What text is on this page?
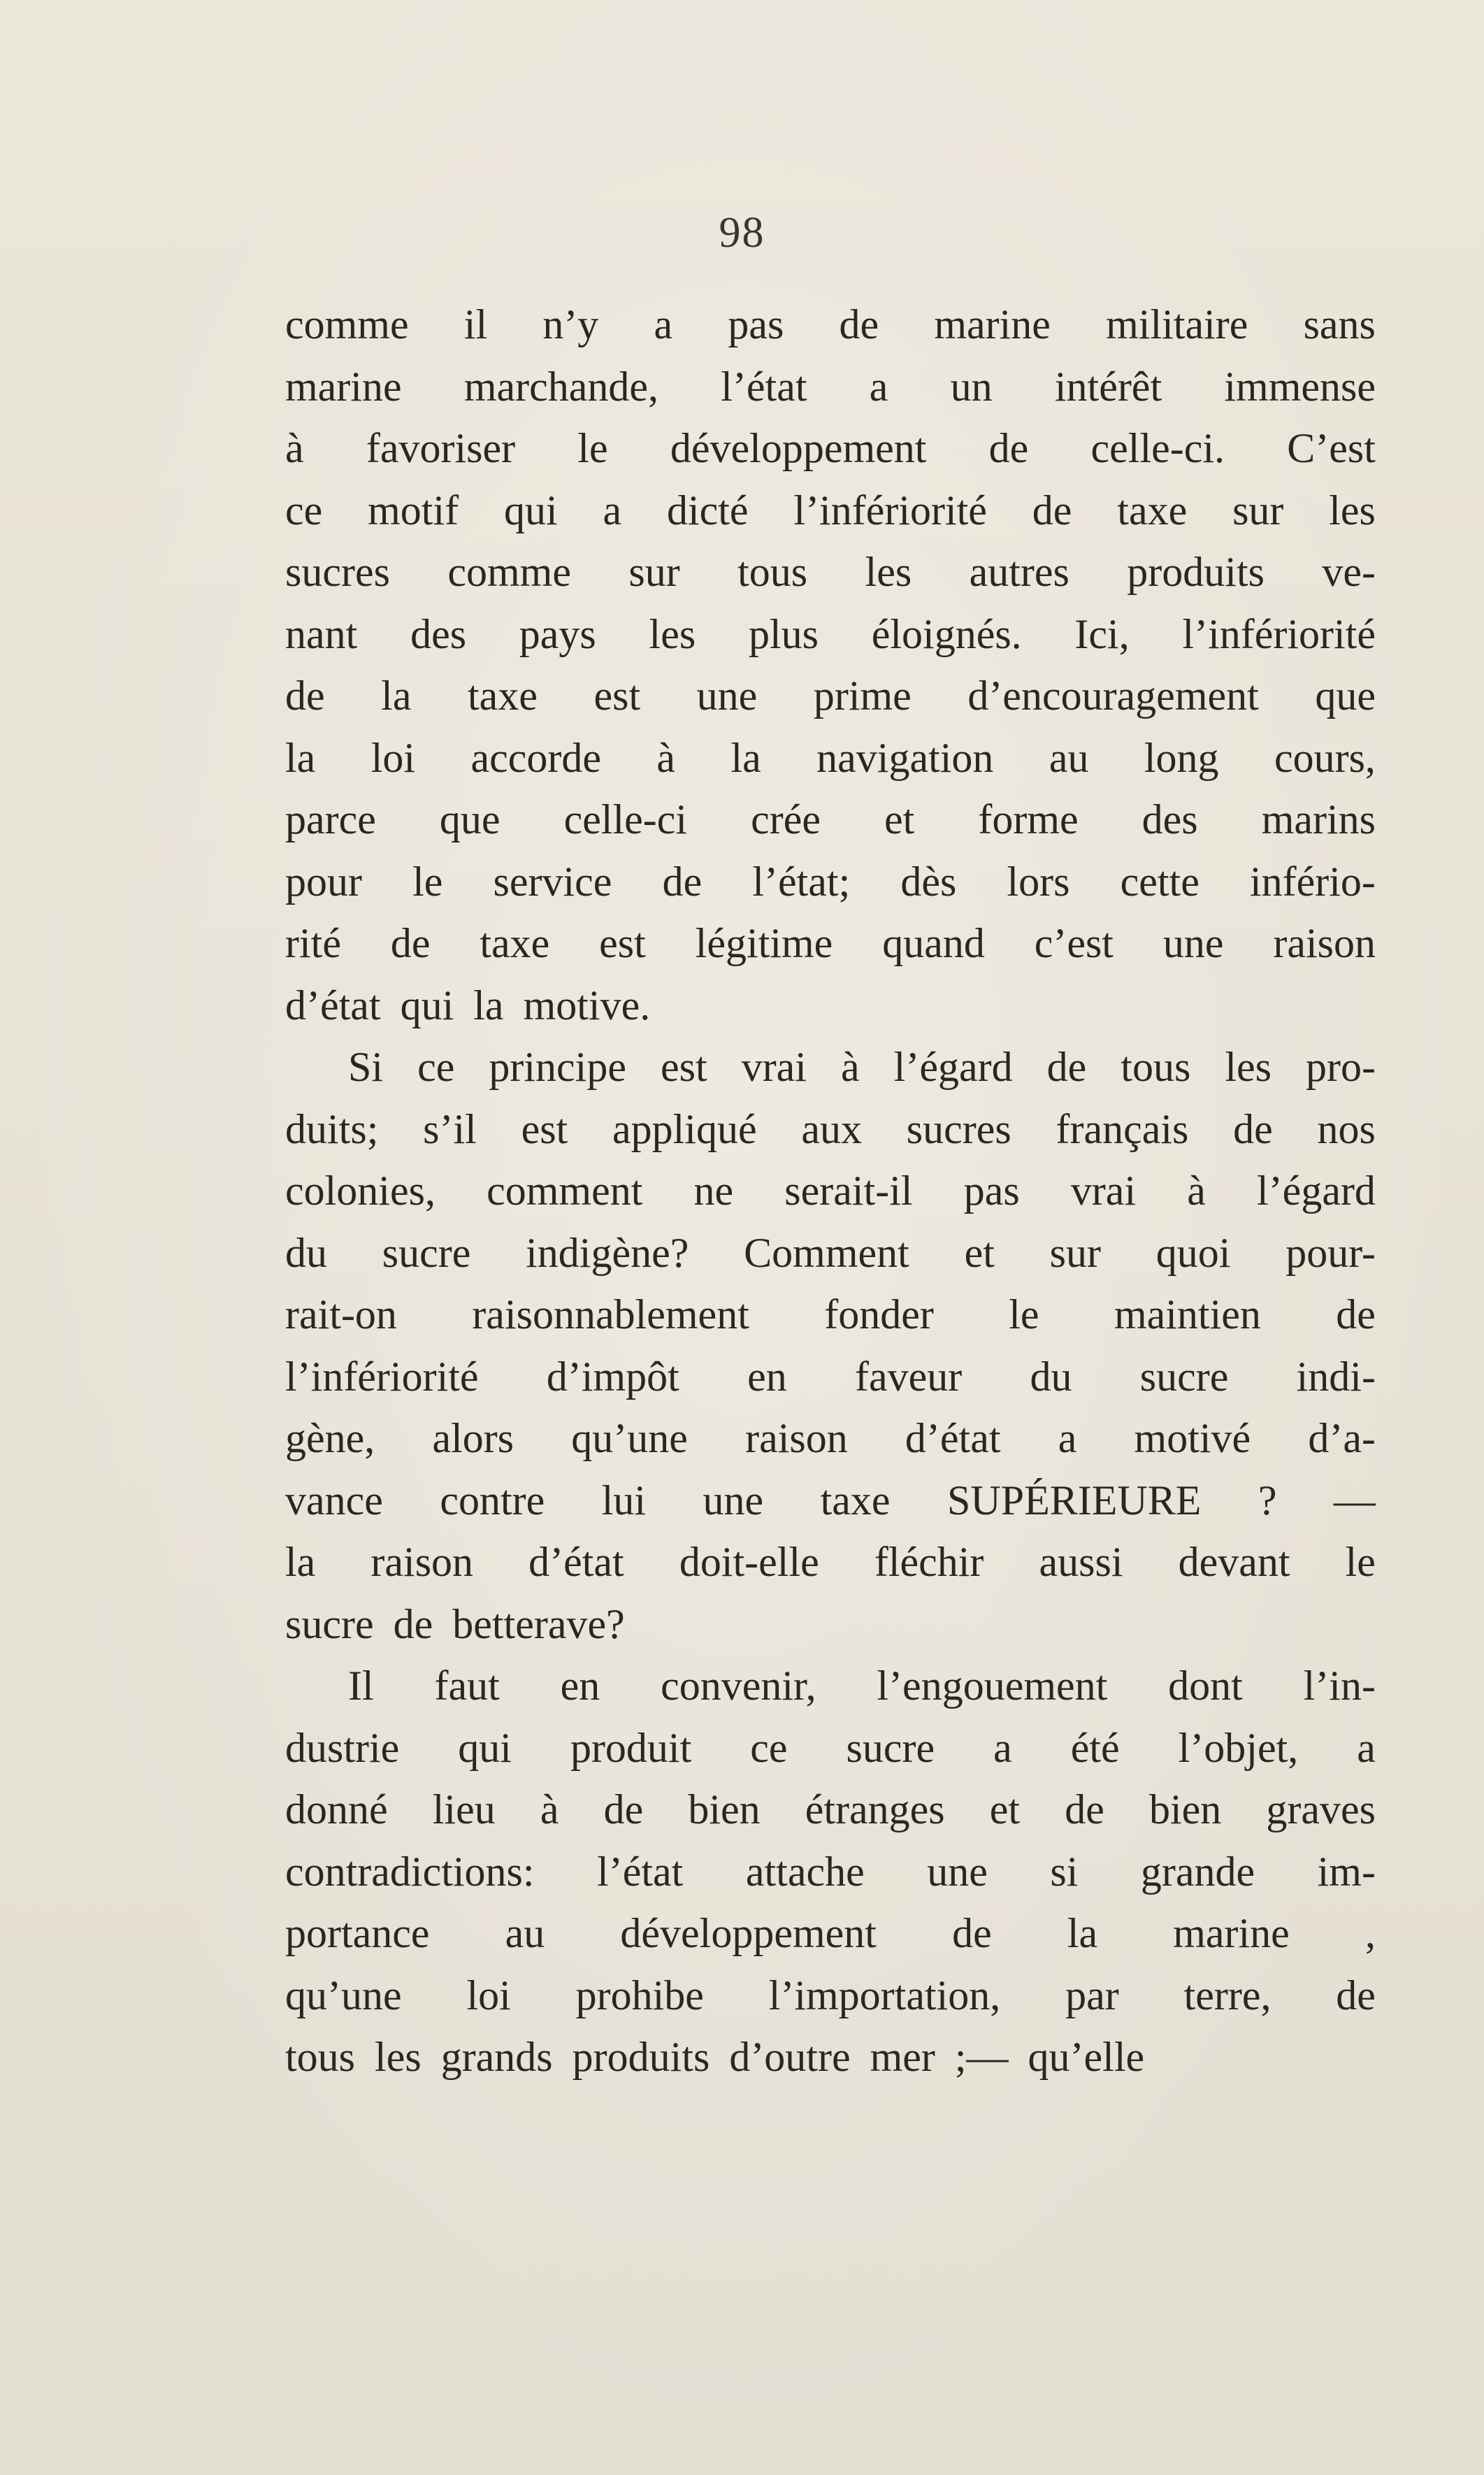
98
comme il n’y a pas de marine militaire sans
marine marchande, l’état a un intérêt immense
à favoriser le développement de celle-ci. C’est
ce motif qui a dicté l’infériorité de taxe sur les
sucres comme sur tous les autres produits ve-
nant des pays les plus éloignés. Ici, l’infériorité
de la taxe est une prime d’encouragement que
la loi accorde à la navigation au long cours,
parce que celle-ci crée et forme des marins
pour le service de l’état; dès lors cette infério-
rité de taxe est légitime quand c’est une raison
d’état qui la motive.
Si ce principe est vrai à l’égard de tous les pro-
duits; s’il est appliqué aux sucres français de nos
colonies, comment ne serait-il pas vrai à l’égard
du sucre indigène? Comment et sur quoi pour-
rait-on raisonnablement fonder le maintien de
l’infériorité d’impôt en faveur du sucre indi-
gène, alors qu’une raison d’état a motivé d’a-
vance contre lui une taxe SUPÉRIEURE ? —
la raison d’état doit-elle fléchir aussi devant le
sucre de betterave?
Il faut en convenir, l’engouement dont l’in-
dustrie qui produit ce sucre a été l’objet, a
donné lieu à de bien étranges et de bien graves
contradictions: l’état attache une si grande im-
portance au développement de la marine ,
qu’une loi prohibe l’importation, par terre, de
tous les grands produits d’outre mer ;— qu’elle
